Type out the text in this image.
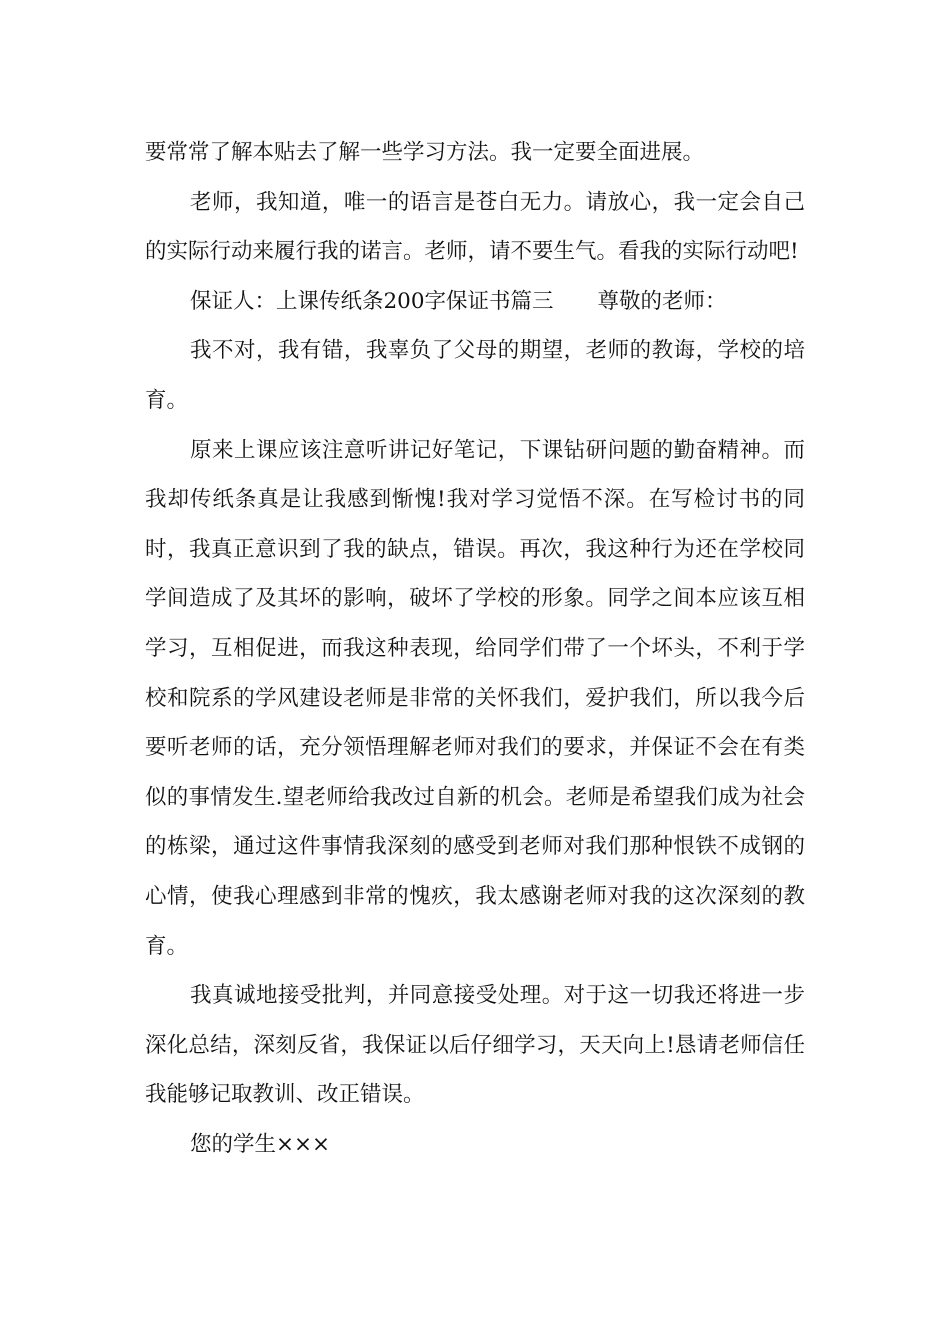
要常常了解本贴去了解一些学习方法。我一定要全面进展。

老师，我知道，唯一的语言是苍白无力。请放心，我一定会自己的实际行动来履行我的诺言。老师，请不要生气。看我的实际行动吧!

保证人：上课传纸条200字保证书篇三 尊敬的老师：

我不对，我有错，我辜负了父母的期望，老师的教诲，学校的培育。

原来上课应该注意听讲记好笔记，下课钻研问题的勤奋精神。而我却传纸条真是让我感到惭愧!我对学习觉悟不深。在写检讨书的同时，我真正意识到了我的缺点，错误。再次，我这种行为还在学校同学间造成了及其坏的影响，破坏了学校的形象。同学之间本应该互相学习，互相促进，而我这种表现，给同学们带了一个坏头，不利于学校和院系的学风建设老师是非常的关怀我们，爱护我们，所以我今后要听老师的话，充分领悟理解老师对我们的要求，并保证不会在有类似的事情发生.望老师给我改过自新的机会。老师是希望我们成为社会的栋梁，通过这件事情我深刻的感受到老师对我们那种恨铁不成钢的心情，使我心理感到非常的愧疚，我太感谢老师对我的这次深刻的教育。

我真诚地接受批判，并同意接受处理。对于这一切我还将进一步深化总结，深刻反省，我保证以后仔细学习，天天向上!恳请老师信任我能够记取教训、改正错误。

您的学生×××
